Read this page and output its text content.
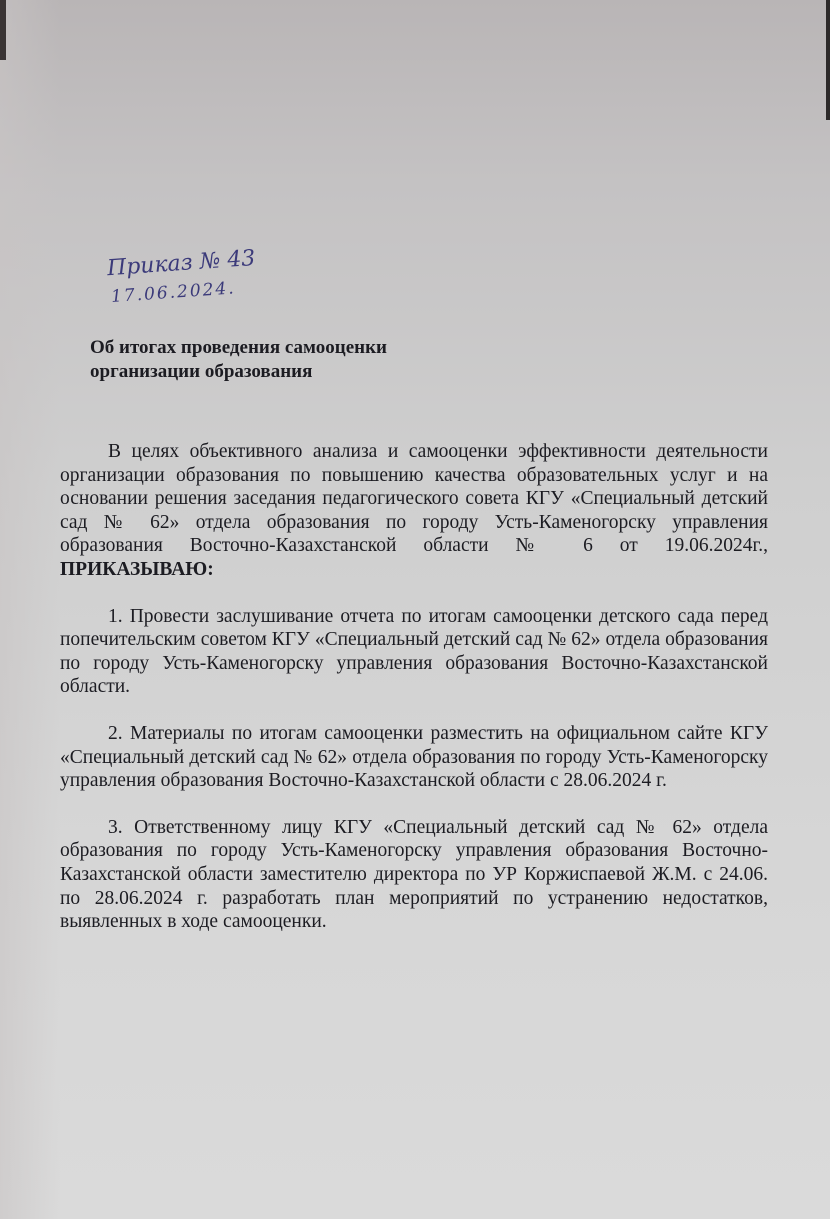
Приказ № 43
17.06.2024.
Об итогах проведения самооценки
организации образования

В целях объективного анализа и самооценки эффективности деятельности организации образования по повышению качества образовательных услуг и на основании решения заседания педагогического совета КГУ «Специальный детский сад № 62» отдела образования по городу Усть-Каменогорску управления образования Восточно-Казахстанской области № 6 от 19.06.2024г., ПРИКАЗЫВАЮ:

1. Провести заслушивание отчета по итогам самооценки детского сада перед попечительским советом КГУ «Специальный детский сад № 62» отдела образования по городу Усть-Каменогорску управления образования Восточно-Казахстанской области.

2. Материалы по итогам самооценки разместить на официальном сайте КГУ «Специальный детский сад № 62» отдела образования по городу Усть-Каменогорску управления образования Восточно-Казахстанской области с 28.06.2024 г.

3. Ответственному лицу КГУ «Специальный детский сад № 62» отдела образования по городу Усть-Каменогорску управления образования Восточно-Казахстанской области заместителю директора по УР Коржиспаевой Ж.М. с 24.06. по 28.06.2024 г. разработать план мероприятий по устранению недостатков, выявленных в ходе самооценки.
